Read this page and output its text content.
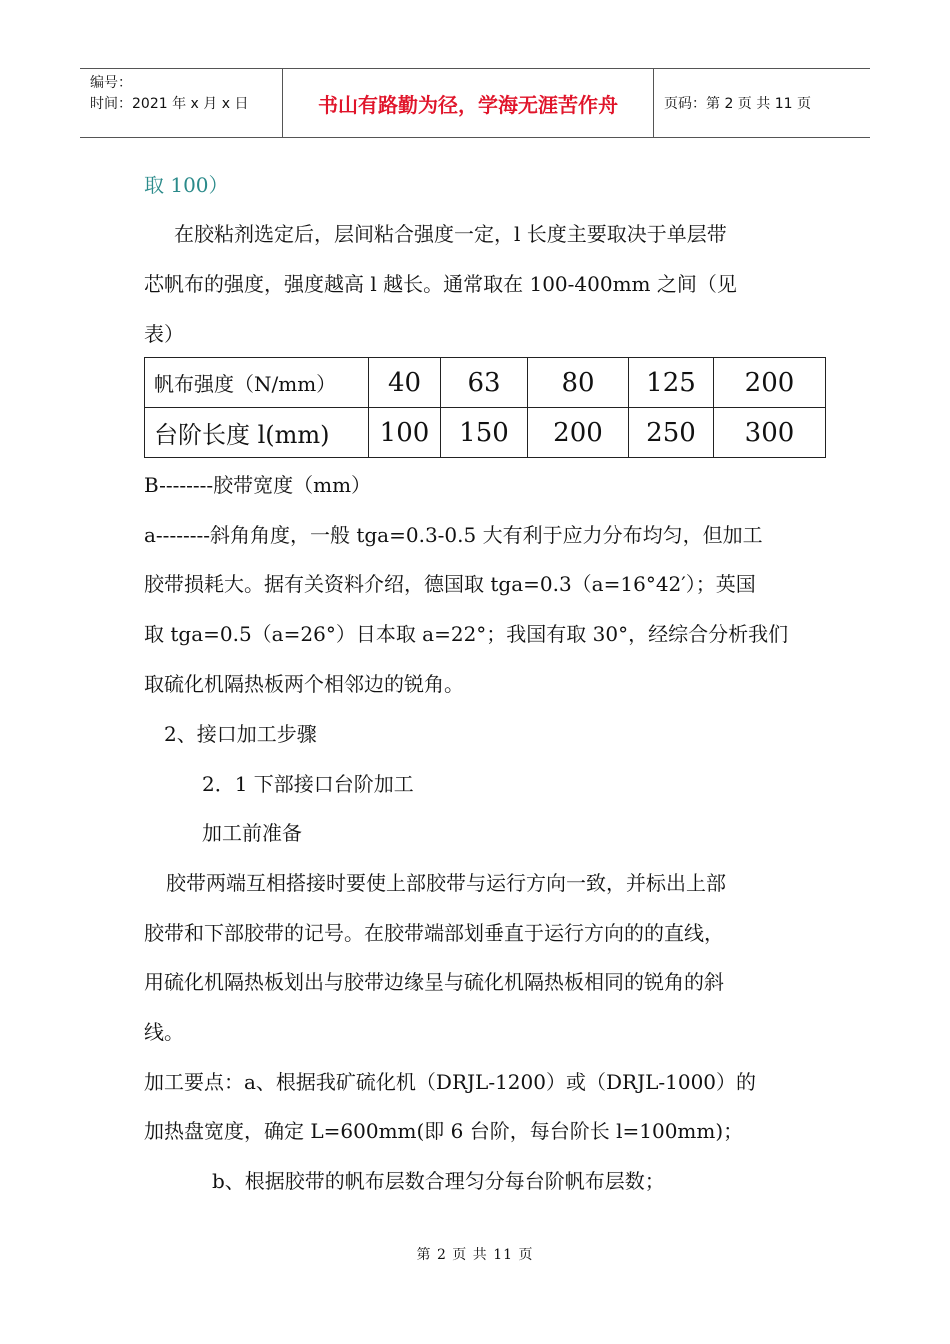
编号：
时间：2021 年 x 月 x 日	书山有路勤为径，学海无涯苦作舟	页码：第 2 页 共 11 页
取 100）
在胶粘剂选定后，层间粘合强度一定，l 长度主要取决于单层带
芯帆布的强度，强度越高 l 越长。通常取在 100-400mm 之间（见
表）
帆布强度（N/mm）	40	63	80	125	200
台阶长度 l(mm)	100	150	200	250	300
B--------胶带宽度（mm）
a--------斜角角度，一般 tga=0.3-0.5 大有利于应力分布均匀，但加工
胶带损耗大。据有关资料介绍，德国取 tga=0.3（a=16°42′）；英国
取 tga=0.5（a=26°）日本取 a=22°；我国有取 30°，经综合分析我们
取硫化机隔热板两个相邻边的锐角。
2、接口加工步骤
2．1 下部接口台阶加工
加工前准备
胶带两端互相搭接时要使上部胶带与运行方向一致，并标出上部
胶带和下部胶带的记号。在胶带端部划垂直于运行方向的的直线，
用硫化机隔热板划出与胶带边缘呈与硫化机隔热板相同的锐角的斜
线。
加工要点：a、根据我矿硫化机（DRJL-1200）或（DRJL-1000）的
加热盘宽度，确定 L=600mm(即 6 台阶，每台阶长 l=100mm)；
b、根据胶带的帆布层数合理匀分每台阶帆布层数；
第 2 页 共 11 页
